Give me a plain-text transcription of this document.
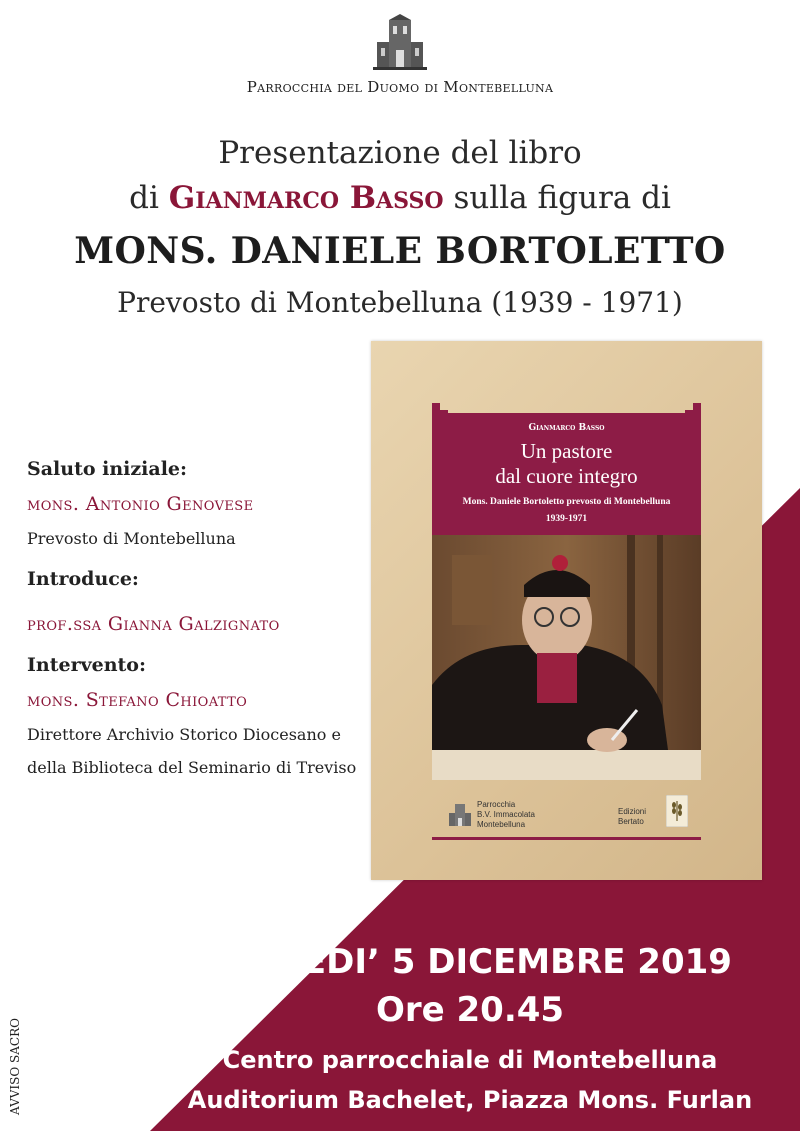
Parrocchia del Duomo di Montebelluna
Presentazione del libro
di Gianmarco Basso sulla figura di
MONS. DANIELE BORTOLETTO
Prevosto di Montebelluna (1939 - 1971)
Saluto iniziale:
mons. Antonio Genovese
Prevosto di Montebelluna
Introduce:
prof.ssa Gianna Galzignato
Intervento:
mons. Stefano Chioatto
Direttore Archivio Storico Diocesano e
della Biblioteca del Seminario di Treviso
Gianmarco Basso
Un pastore
dal cuore integro
Mons. Daniele Bortoletto prevosto di Montebelluna
1939-1971
Parrocchia
B.V. Immacolata
Montebelluna
Edizioni
Bertato
GIOVEDI’ 5 DICEMBRE 2019
Ore 20.45
Centro parrocchiale di Montebelluna
Auditorium Bachelet, Piazza Mons. Furlan
AVVISO SACRO
